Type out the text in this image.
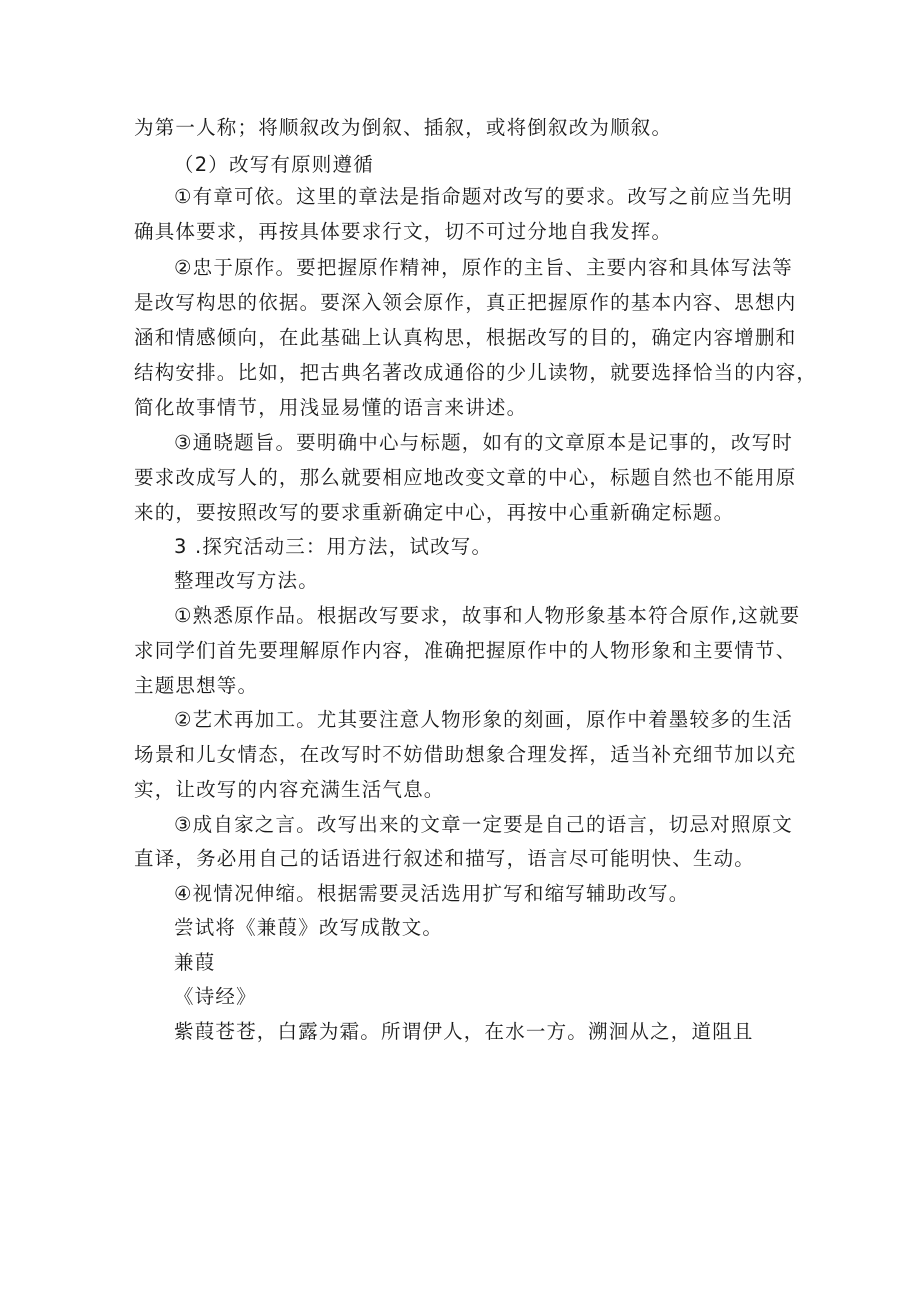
为第一人称；将顺叙改为倒叙、插叙，或将倒叙改为顺叙。
（2）改写有原则遵循
①有章可依。这里的章法是指命题对改写的要求。改写之前应当先明
确具体要求，再按具体要求行文，切不可过分地自我发挥。
②忠于原作。要把握原作精神，原作的主旨、主要内容和具体写法等
是改写构思的依据。要深入领会原作，真正把握原作的基本内容、思想内
涵和情感倾向，在此基础上认真构思，根据改写的目的，确定内容增删和
结构安排。比如，把古典名著改成通俗的少儿读物，就要选择恰当的内容，
简化故事情节，用浅显易懂的语言来讲述。
③通晓题旨。要明确中心与标题，如有的文章原本是记事的，改写时
要求改成写人的，那么就要相应地改变文章的中心，标题自然也不能用原
来的，要按照改写的要求重新确定中心，再按中心重新确定标题。
3 .探究活动三：用方法，试改写。
整理改写方法。
①熟悉原作品。根据改写要求，故事和人物形象基本符合原作,这就要
求同学们首先要理解原作内容，准确把握原作中的人物形象和主要情节、
主题思想等。
②艺术再加工。尤其要注意人物形象的刻画，原作中着墨较多的生活
场景和儿女情态，在改写时不妨借助想象合理发挥，适当补充细节加以充
实，让改写的内容充满生活气息。
③成自家之言。改写出来的文章一定要是自己的语言，切忌对照原文
直译，务必用自己的话语进行叙述和描写，语言尽可能明快、生动。
④视情况伸缩。根据需要灵活选用扩写和缩写辅助改写。
尝试将《兼葭》改写成散文。
兼葭
《诗经》
紫葭苍苍，白露为霜。所谓伊人，在水一方。溯洄从之，道阻且
